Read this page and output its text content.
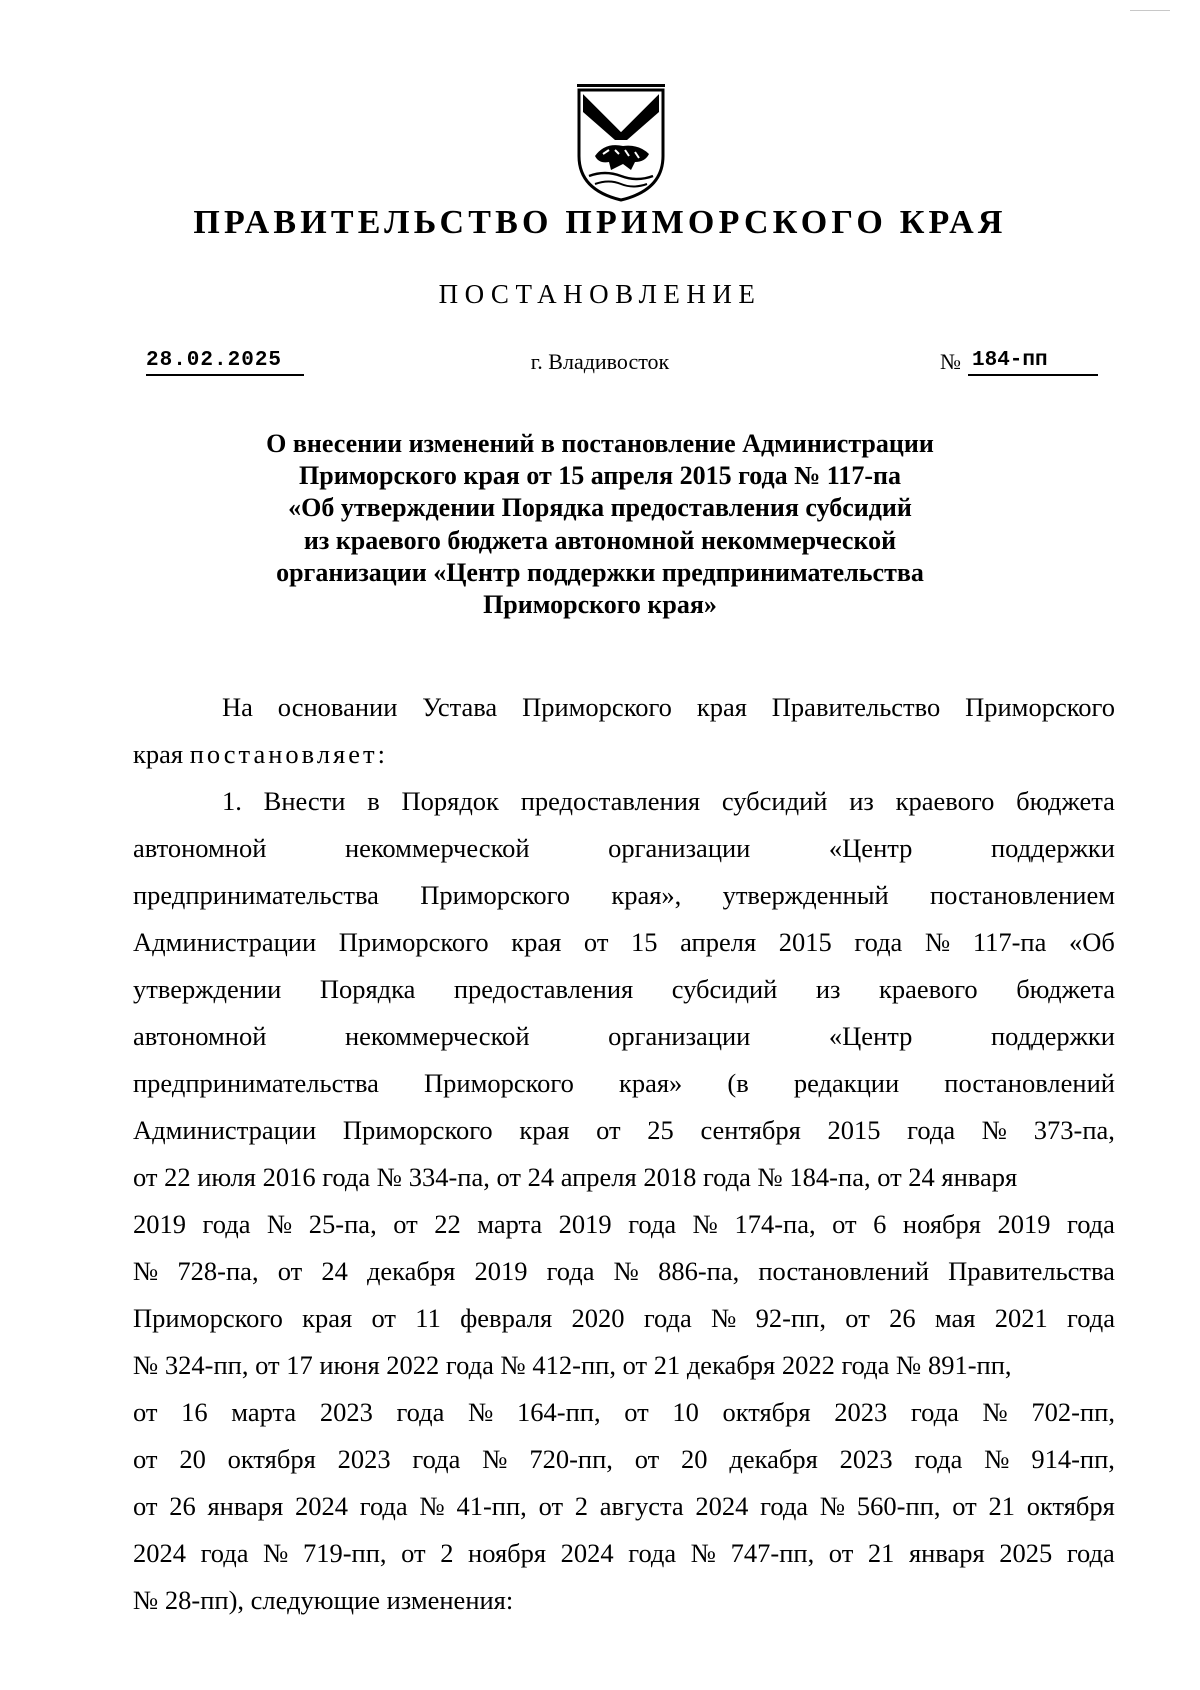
ПРАВИТЕЛЬСТВО ПРИМОРСКОГО КРАЯ
ПОСТАНОВЛЕНИЕ
28.02.2025	г. Владивосток	№ 184-пп
О внесении изменений в постановление Администрации
Приморского края от 15 апреля 2015 года № 117-па
«Об утверждении Порядка предоставления субсидий
из краевого бюджета автономной некоммерческой
организации «Центр поддержки предпринимательства
Приморского края»
На основании Устава Приморского края Правительство Приморского
края постановляет:
1. Внести в Порядок предоставления субсидий из краевого бюджета
автономной	некоммерческой	организации	«Центр	поддержки
предпринимательства Приморского края», утвержденный постановлением
Администрации Приморского края от 15 апреля 2015 года № 117-па «Об
утверждении Порядка предоставления субсидий из краевого бюджета
автономной	некоммерческой	организации	«Центр	поддержки
предпринимательства Приморского края» (в редакции постановлений
Администрации Приморского края от 25 сентября 2015 года № 373-па,
от 22 июля 2016 года № 334-па, от 24 апреля 2018 года № 184-па, от 24 января
2019 года № 25-па, от 22 марта 2019 года № 174-па, от 6 ноября 2019 года
№ 728-па, от 24 декабря 2019 года № 886-па, постановлений Правительства
Приморского края от 11 февраля 2020 года № 92-пп, от 26 мая 2021 года
№ 324-пп, от 17 июня 2022 года № 412-пп, от 21 декабря 2022 года № 891-пп,
от 16 марта 2023 года № 164-пп, от 10 октября 2023 года № 702-пп,
от 20 октября 2023 года № 720-пп, от 20 декабря 2023 года № 914-пп,
от 26 января 2024 года № 41-пп, от 2 августа 2024 года № 560-пп, от 21 октября
2024 года № 719-пп, от 2 ноября 2024 года № 747-пп, от 21 января 2025 года
№ 28-пп), следующие изменения:
